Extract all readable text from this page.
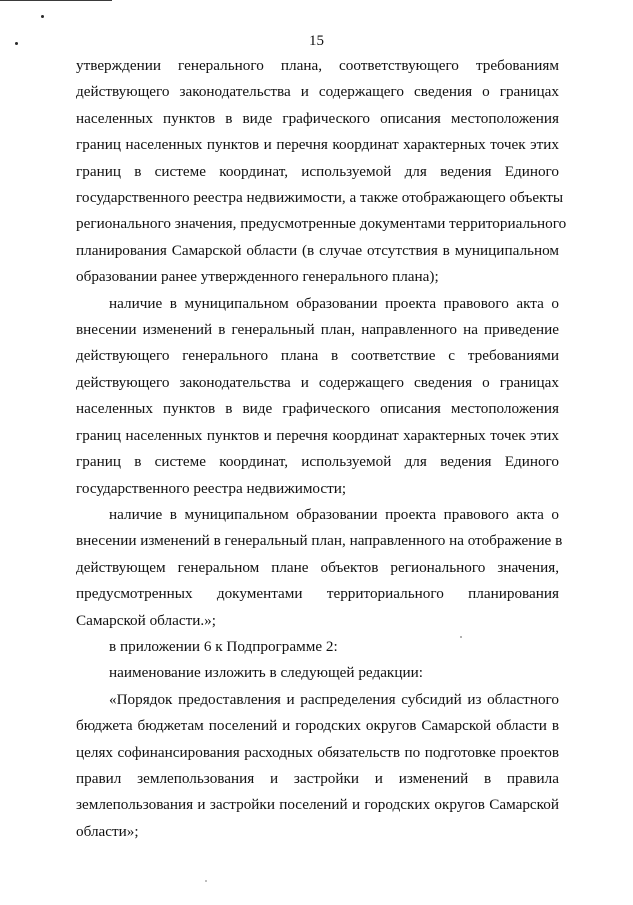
15
утверждении генерального плана, соответствующего требованиям
действующего законодательства и содержащего сведения о границах
населенных пунктов в виде графического описания местоположения
границ населенных пунктов и перечня координат характерных точек этих
границ в системе координат, используемой для ведения Единого
государственного реестра недвижимости, а также отображающего объекты
регионального значения, предусмотренные документами территориального
планирования Самарской области (в случае отсутствия в муниципальном
образовании ранее утвержденного генерального плана);
наличие в муниципальном образовании проекта правового акта о
внесении изменений в генеральный план, направленного на приведение
действующего генерального плана в соответствие с требованиями
действующего законодательства и содержащего сведения о границах
населенных пунктов в виде графического описания местоположения
границ населенных пунктов и перечня координат характерных точек этих
границ в системе координат, используемой для ведения Единого
государственного реестра недвижимости;
наличие в муниципальном образовании проекта правового акта о
внесении изменений в генеральный план, направленного на отображение в
действующем генеральном плане объектов регионального значения,
предусмотренных документами территориального планирования
Самарской области.»;
в приложении 6 к Подпрограмме 2:
наименование изложить в следующей редакции:
«Порядок предоставления и распределения субсидий из областного
бюджета бюджетам поселений и городских округов Самарской области в
целях софинансирования расходных обязательств по подготовке проектов
правил землепользования и застройки и изменений в правила
землепользования и застройки поселений и городских округов Самарской
области»;
